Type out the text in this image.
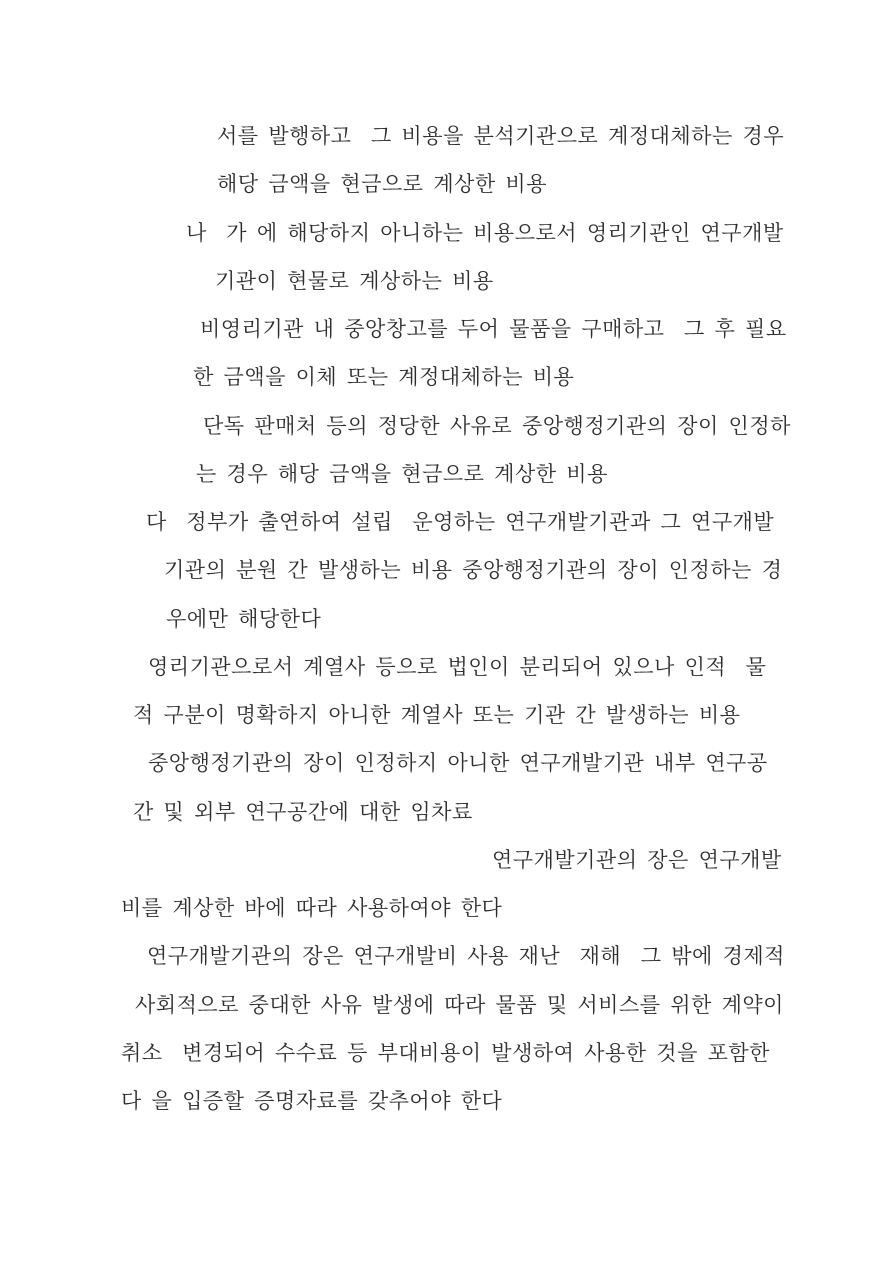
서를 발행하고  그 비용을 분석기관으로 계정대체하는 경우
해당 금액을 현금으로 계상한 비용
나  가 에 해당하지 아니하는 비용으로서 영리기관인 연구개발
기관이 현물로 계상하는 비용
비영리기관 내 중앙창고를 두어 물품을 구매하고  그 후 필요
한 금액을 이체 또는 계정대체하는 비용
단독 판매처 등의 정당한 사유로 중앙행정기관의 장이 인정하
는 경우 해당 금액을 현금으로 계상한 비용
다  정부가 출연하여 설립  운영하는 연구개발기관과 그 연구개발
기관의 분원 간 발생하는 비용 중앙행정기관의 장이 인정하는 경
우에만 해당한다
영리기관으로서 계열사 등으로 법인이 분리되어 있으나 인적  물
적 구분이 명확하지 아니한 계열사 또는 기관 간 발생하는 비용
중앙행정기관의 장이 인정하지 아니한 연구개발기관 내부 연구공
간 및 외부 연구공간에 대한 임차료
연구개발기관의 장은 연구개발
비를 계상한 바에 따라 사용하여야 한다
연구개발기관의 장은 연구개발비 사용 재난  재해  그 밖에 경제적
사회적으로 중대한 사유 발생에 따라 물품 및 서비스를 위한 계약이
취소  변경되어 수수료 등 부대비용이 발생하여 사용한 것을 포함한
다 을 입증할 증명자료를 갖추어야 한다
